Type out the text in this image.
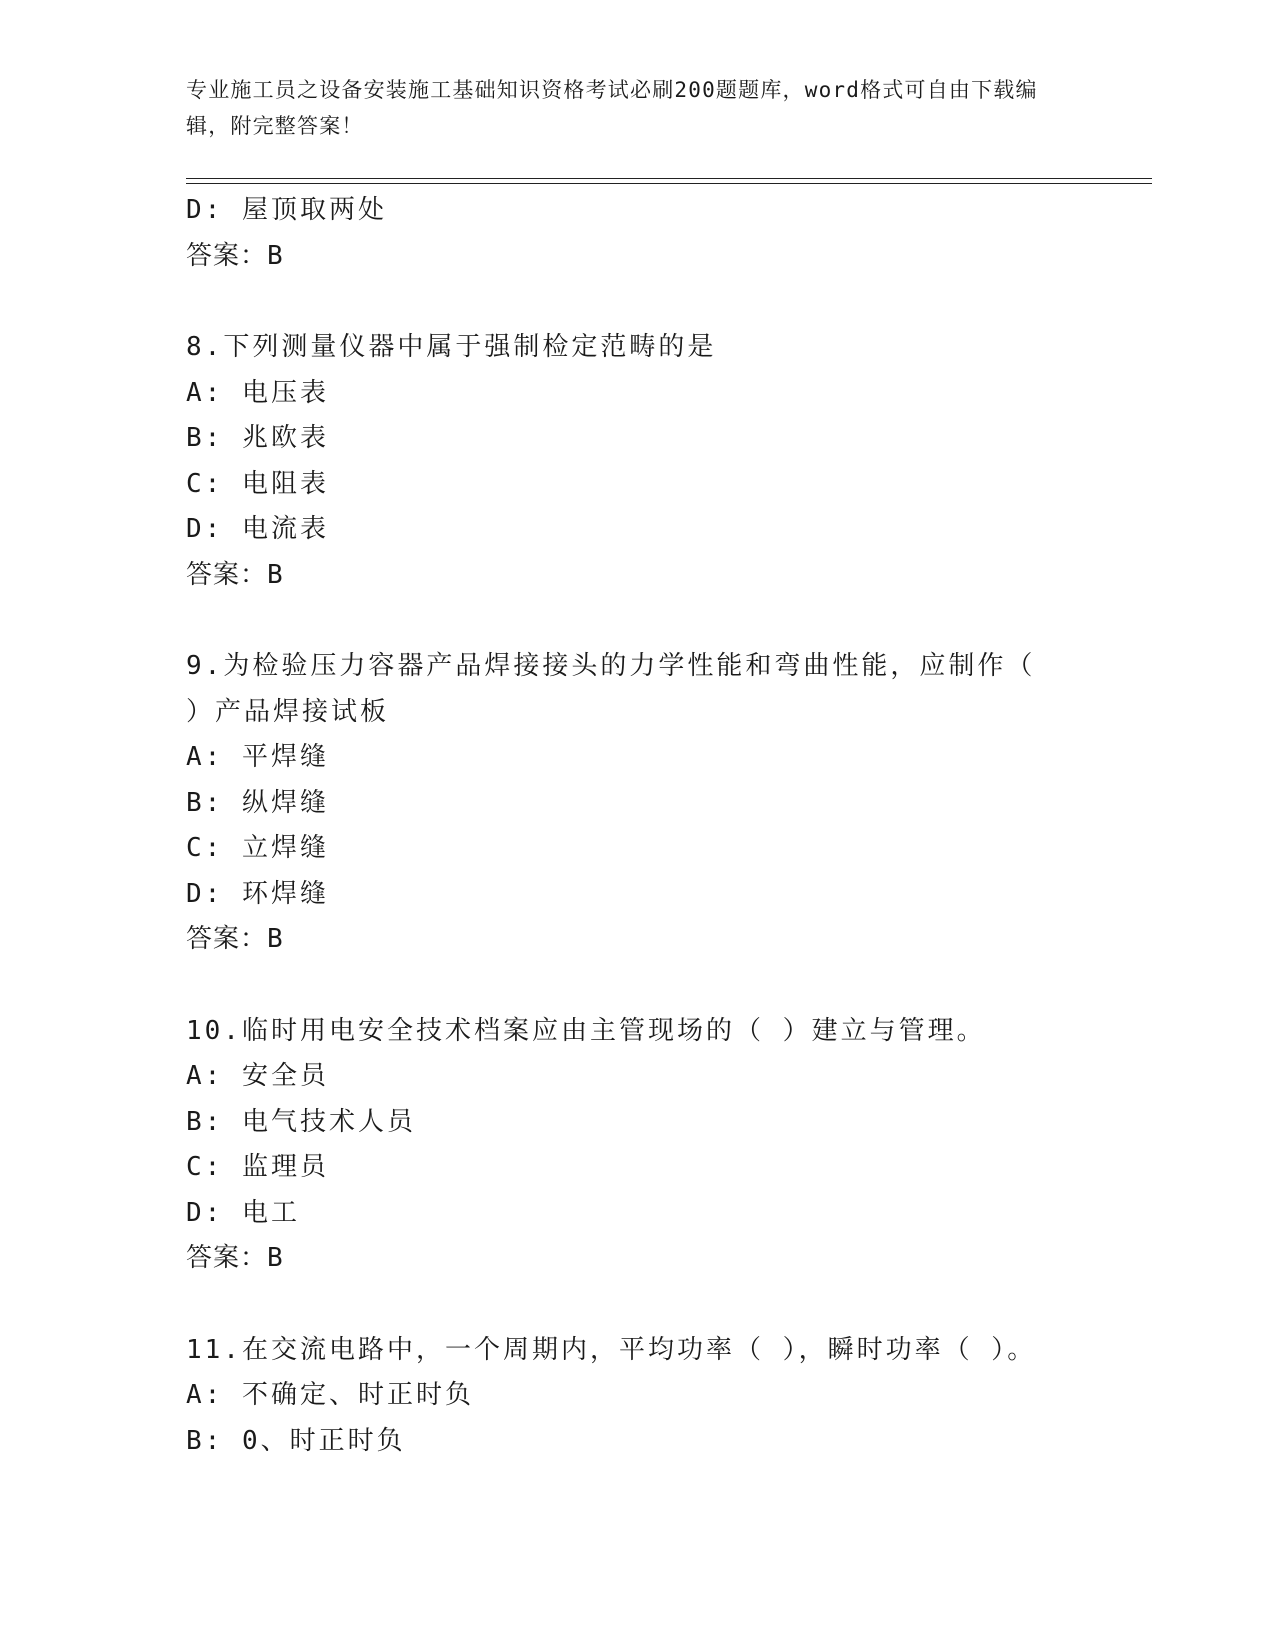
专业施工员之设备安装施工基础知识资格考试必刷200题题库，word格式可自由下载编辑，附完整答案！
D: 屋顶取两处
答案：B
8.下列测量仪器中属于强制检定范畴的是
A: 电压表
B: 兆欧表
C: 电阻表
D: 电流表
答案：B
9.为检验压力容器产品焊接接头的力学性能和弯曲性能，应制作（ ）产品焊接试板
A: 平焊缝
B: 纵焊缝
C: 立焊缝
D: 环焊缝
答案：B
10.临时用电安全技术档案应由主管现场的（ ）建立与管理。
A: 安全员
B: 电气技术人员
C: 监理员
D: 电工
答案：B
11.在交流电路中，一个周期内，平均功率（ ），瞬时功率（ ）。
A: 不确定、时正时负
B: 0、时正时负
